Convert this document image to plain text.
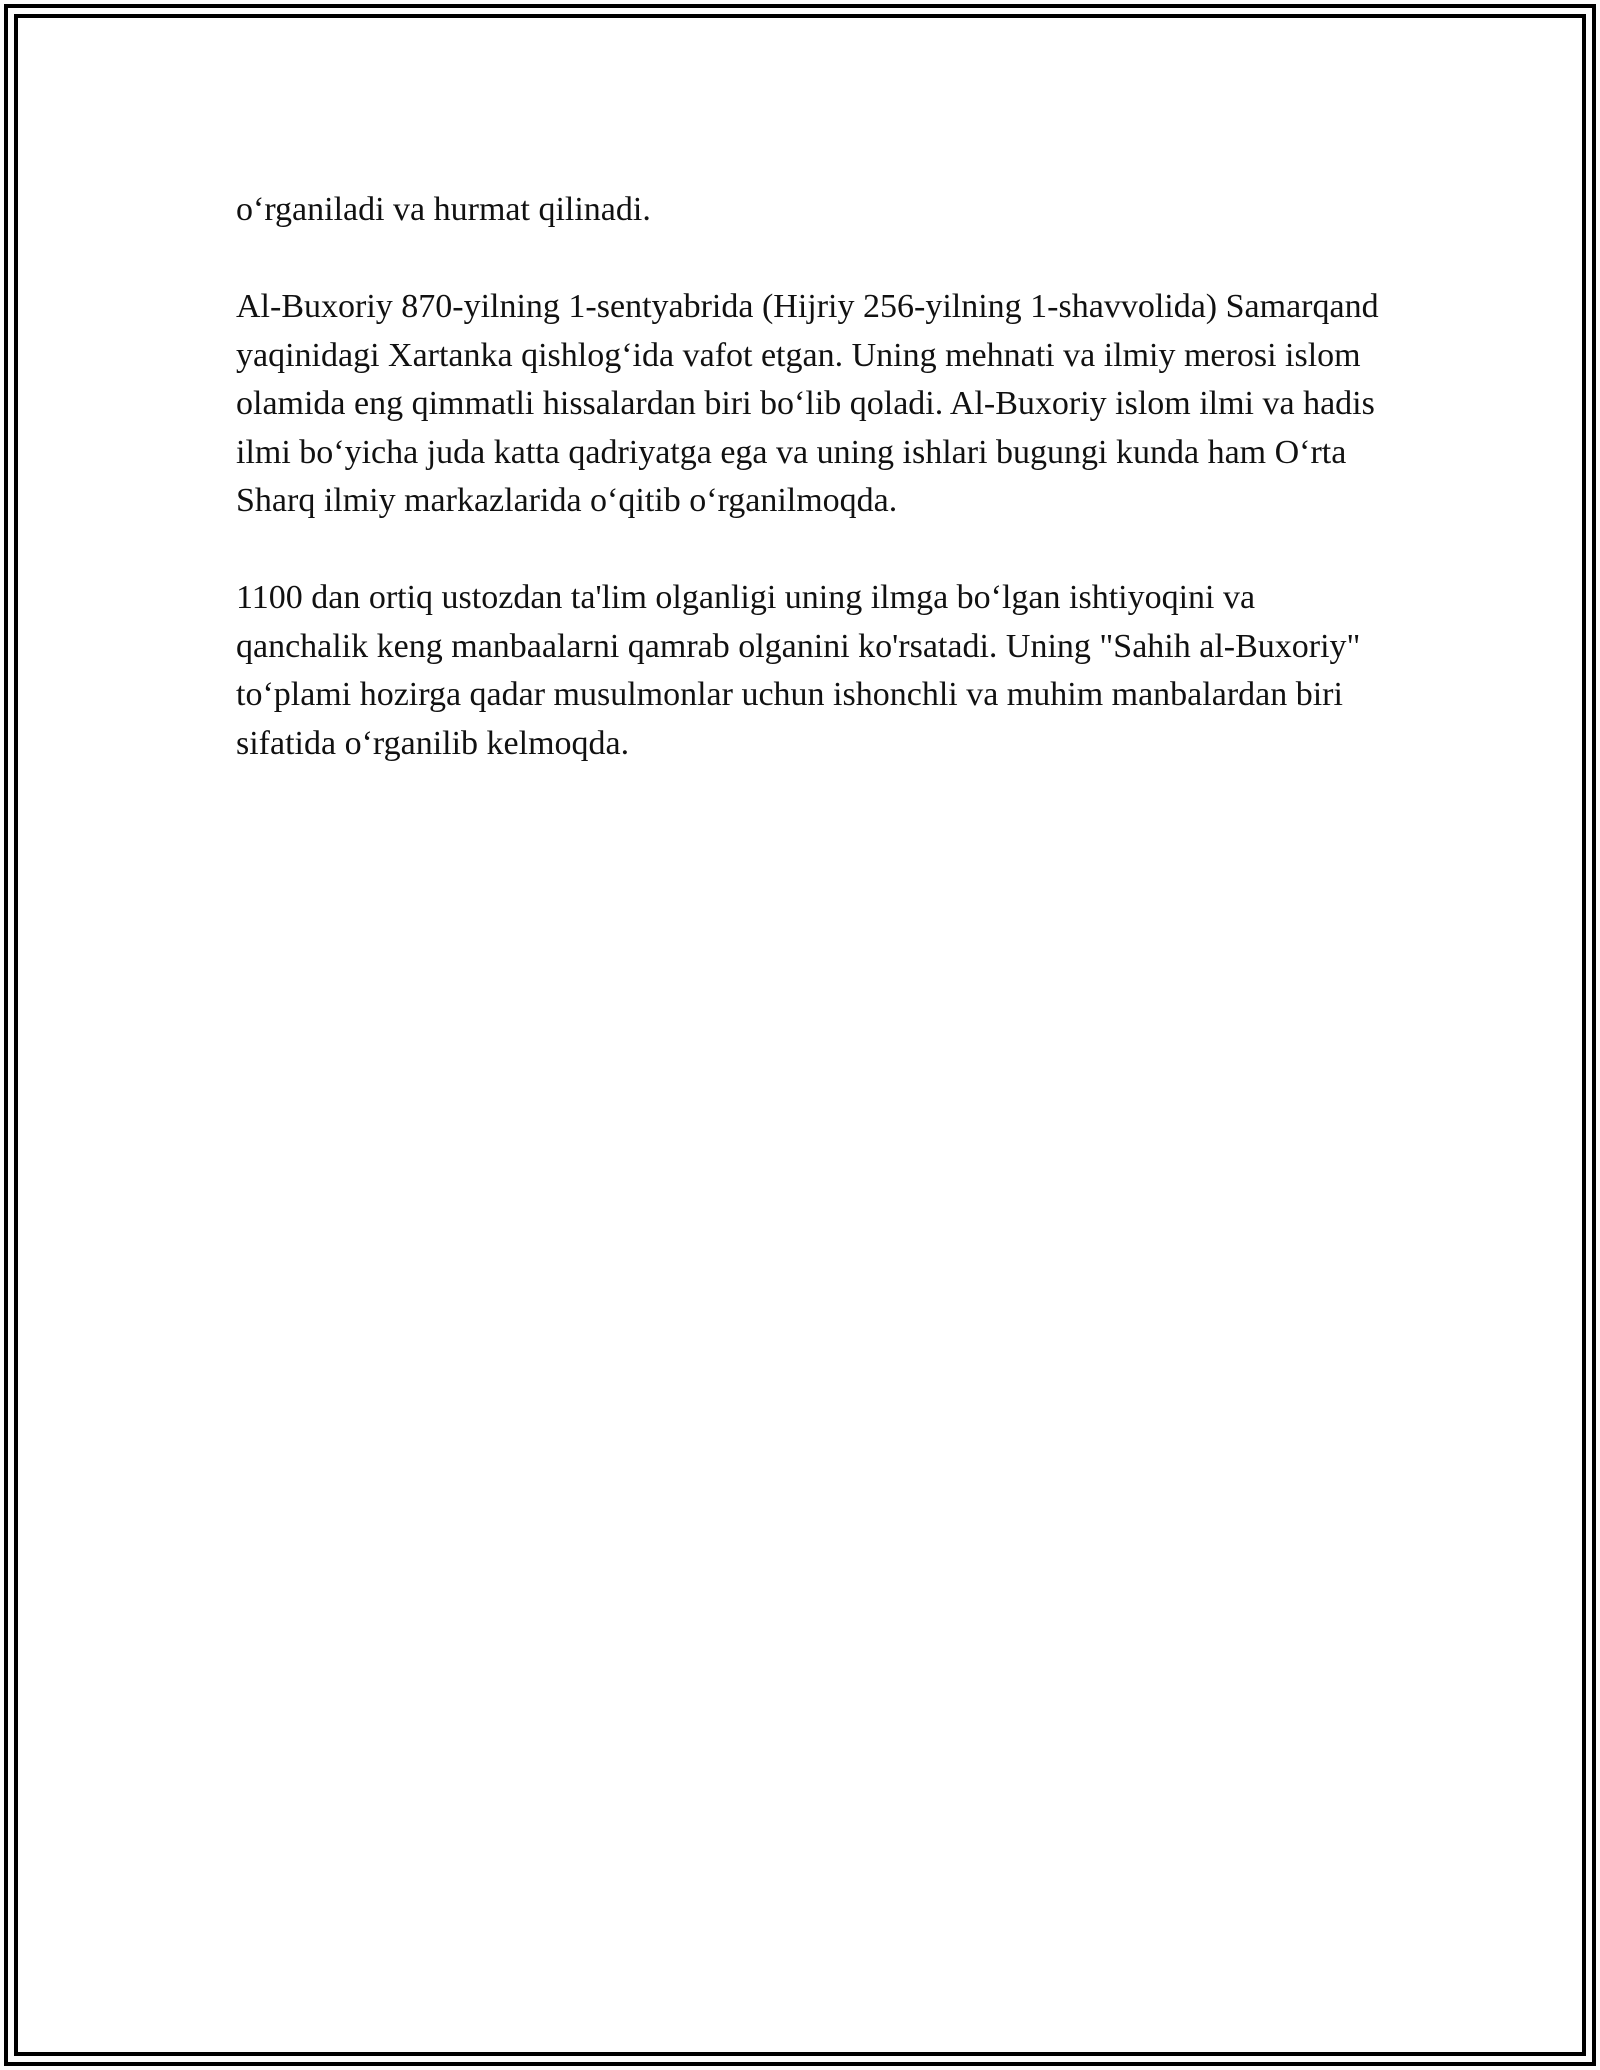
o‘rganiladi va hurmat qilinadi.

Al-Buxoriy 870-yilning 1-sentyabrida (Hijriy 256-yilning 1-shavvolida) Samarqand yaqinidagi Xartanka qishlog‘ida vafot etgan. Uning mehnati va ilmiy merosi islom olamida eng qimmatli hissalardan biri bo‘lib qoladi. Al-Buxoriy islom ilmi va hadis ilmi bo‘yicha juda katta qadriyatga ega va uning ishlari bugungi kunda ham O‘rta Sharq ilmiy markazlarida o‘qitib o‘rganilmoqda.

1100 dan ortiq ustozdan ta'lim olganligi uning ilmga bo‘lgan ishtiyoqini va qanchalik keng manbaalarni qamrab olganini ko'rsatadi. Uning "Sahih al-Buxoriy" to‘plami hozirga qadar musulmonlar uchun ishonchli va muhim manbalardan biri sifatida o‘rganilib kelmoqda.
